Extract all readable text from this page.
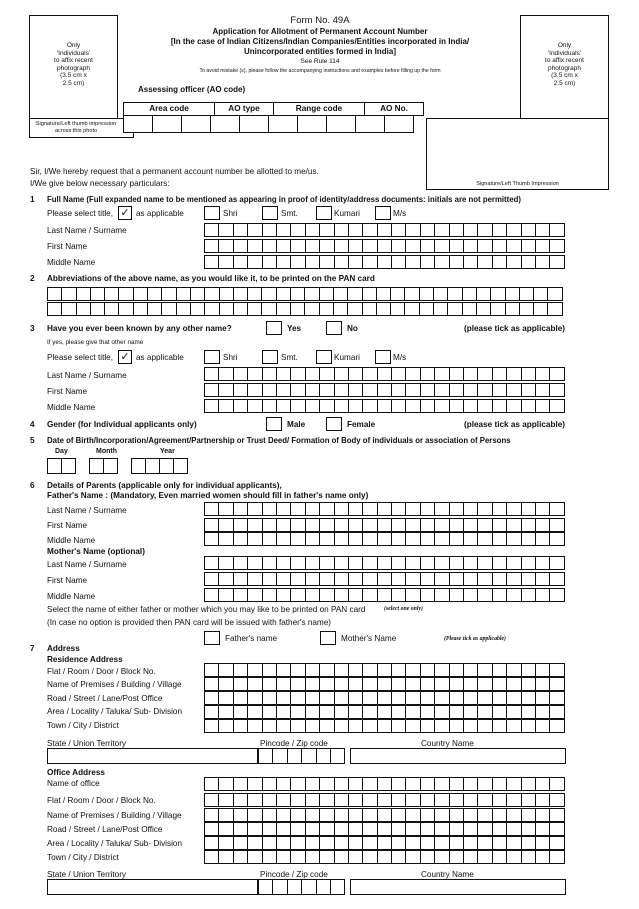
Only
'Individuals'
to affix recent
photograph
(3.5 cm x
2.5 cm)
Signature/Left thumb impression across this photo
Only
'Individuals'
to affix recent
photograph
(3.5 cm x
2.5 cm)
Signature/Left Thumb Impression
Form No. 49A
Application for Allotment of Permanent Account Number
[In the case of Indian Citizens/Indian Companies/Entities incorporated in India/
Unincorporated entities formed in India]
See Rule 114
To avoid mistake (s), please follow the accompanying instructions and examples before filling up the form
Assessing officer (AO code)
Area code	AO type	Range code	AO No.
Sir, I/We hereby request that a permanent account number be allotted to me/us.
I/We give below necessary particulars:
1 Full Name (Full expanded name to be mentioned as appearing in proof of identity/address documents: initials are not permitted)
Please select title, ✓ as applicable	Shri	Smt.	Kumari	M/s
Last Name / Surname
First Name
Middle Name
2 Abbreviations of the above name, as you would like it, to be printed on the PAN card
3 Have you ever been known by any other name?	Yes	No	(please tick as applicable)
If yes, please give that other name
Please select title, ✓ as applicable	Shri	Smt.	Kumari	M/s
Last Name / Surname
First Name
Middle Name
4 Gender (for Individual applicants only)	Male	Female	(please tick as applicable)
5 Date of Birth/Incorporation/Agreement/Partnership or Trust Deed/ Formation of Body of individuals or association of Persons
Day	Month	Year
6 Details of Parents (applicable only for individual applicants),
Father's Name : (Mandatory, Even married women should fill in father's name only)
Last Name / Surname
First Name
Middle Name
Mother's Name (optional)
Last Name / Surname
First Name
Middle Name
Select the name of either father or mother which you may like to be printed on PAN card	(select one only)
(In case no option is provided then PAN card will be issued with father's name)
Father's name	Mother's Name	(Please tick as applicable)
7 Address
Residence Address
Flat / Room / Door / Block No.
Name of Premises / Building / Village
Road / Street / Lane/Post Office
Area / Locality / Taluka/ Sub- Division
Town / City / District
State / Union Territory	Pincode / Zip code	Country Name
Office Address
Name of office
Flat / Room / Door / Block No.
Name of Premises / Building / Village
Road / Street / Lane/Post Office
Area / Locality / Taluka/ Sub- Division
Town / City / District
State / Union Territory	Pincode / Zip code	Country Name
